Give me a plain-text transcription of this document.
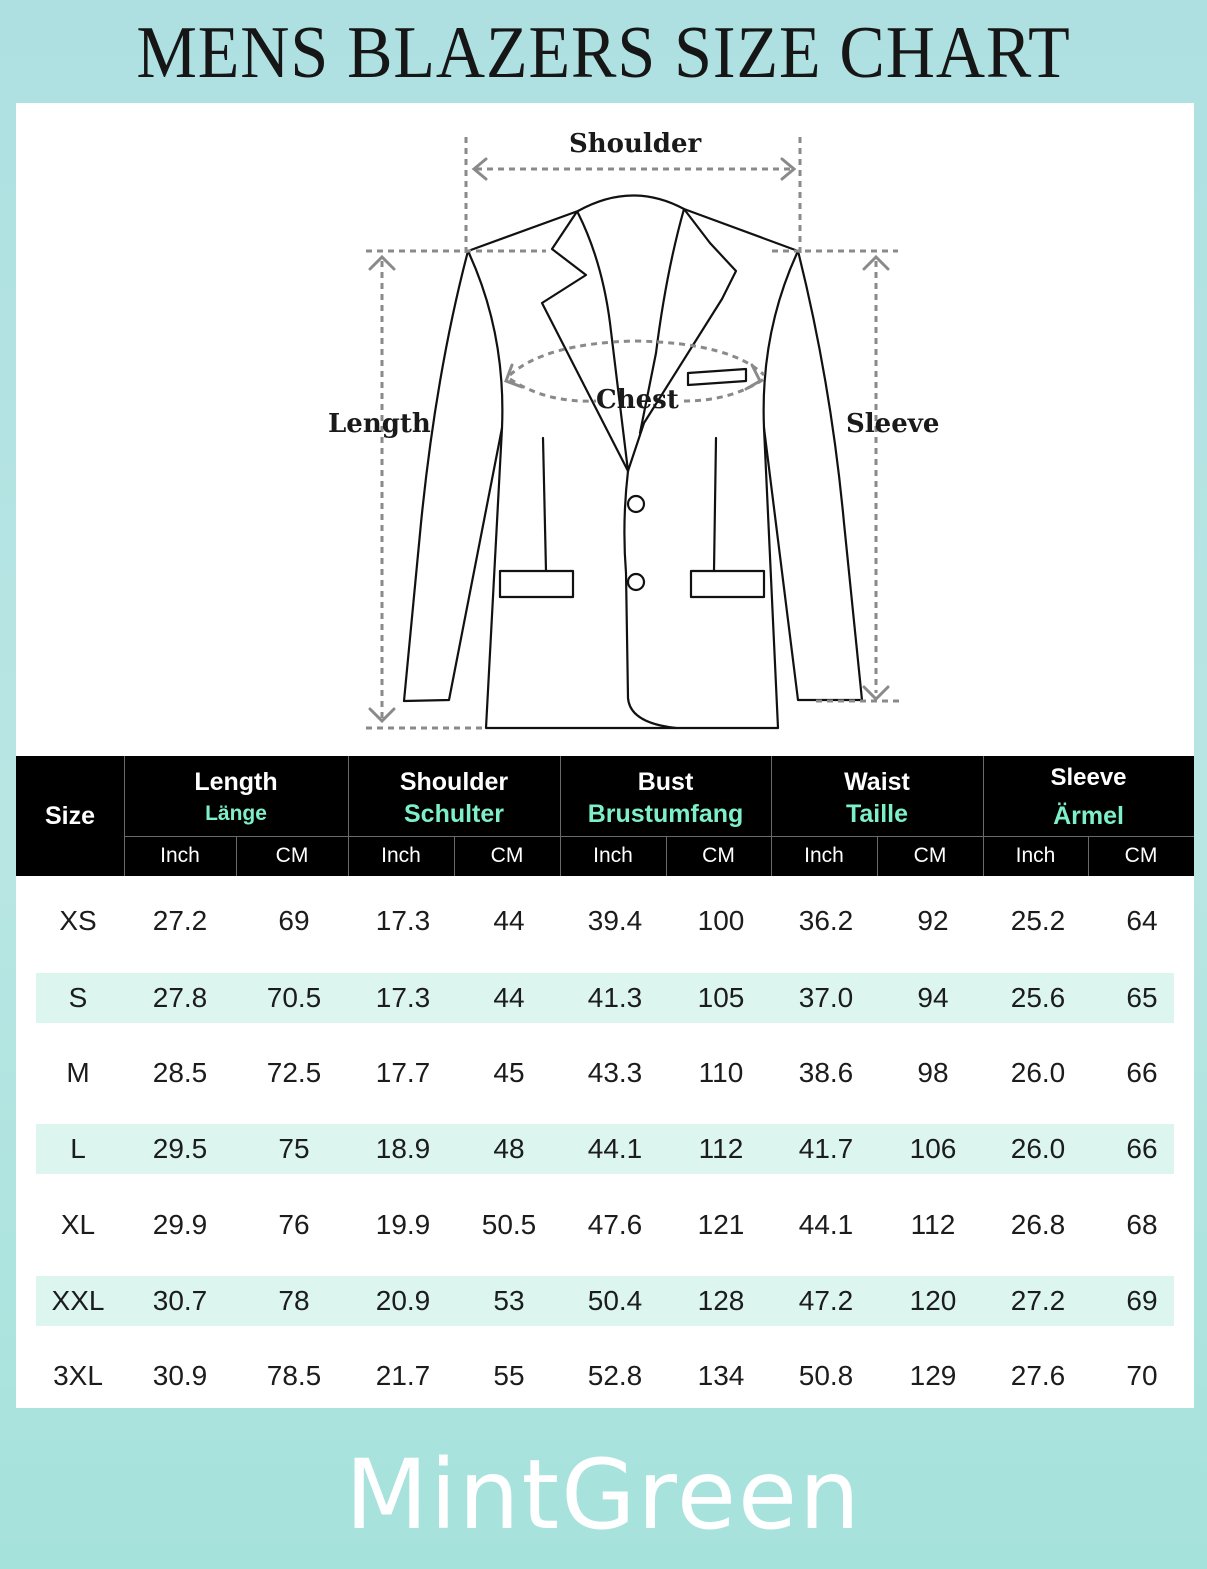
MENS BLAZERS SIZE CHART
Shoulder
Length
Chest
Sleeve
Size
Length
Länge
Shoulder
Schulter
Bust
Brustumfang
Waist
Taille
Sleeve
Ärmel
Inch	CM	Inch	CM	Inch	CM	Inch	CM	Inch	CM
XS	27.2	69	17.3	44	39.4	100	36.2	92	25.2	64
S	27.8	70.5	17.3	44	41.3	105	37.0	94	25.6	65
M	28.5	72.5	17.7	45	43.3	110	38.6	98	26.0	66
L	29.5	75	18.9	48	44.1	112	41.7	106	26.0	66
XL	29.9	76	19.9	50.5	47.6	121	44.1	112	26.8	68
XXL	30.7	78	20.9	53	50.4	128	47.2	120	27.2	69
3XL	30.9	78.5	21.7	55	52.8	134	50.8	129	27.6	70
MintGreen
